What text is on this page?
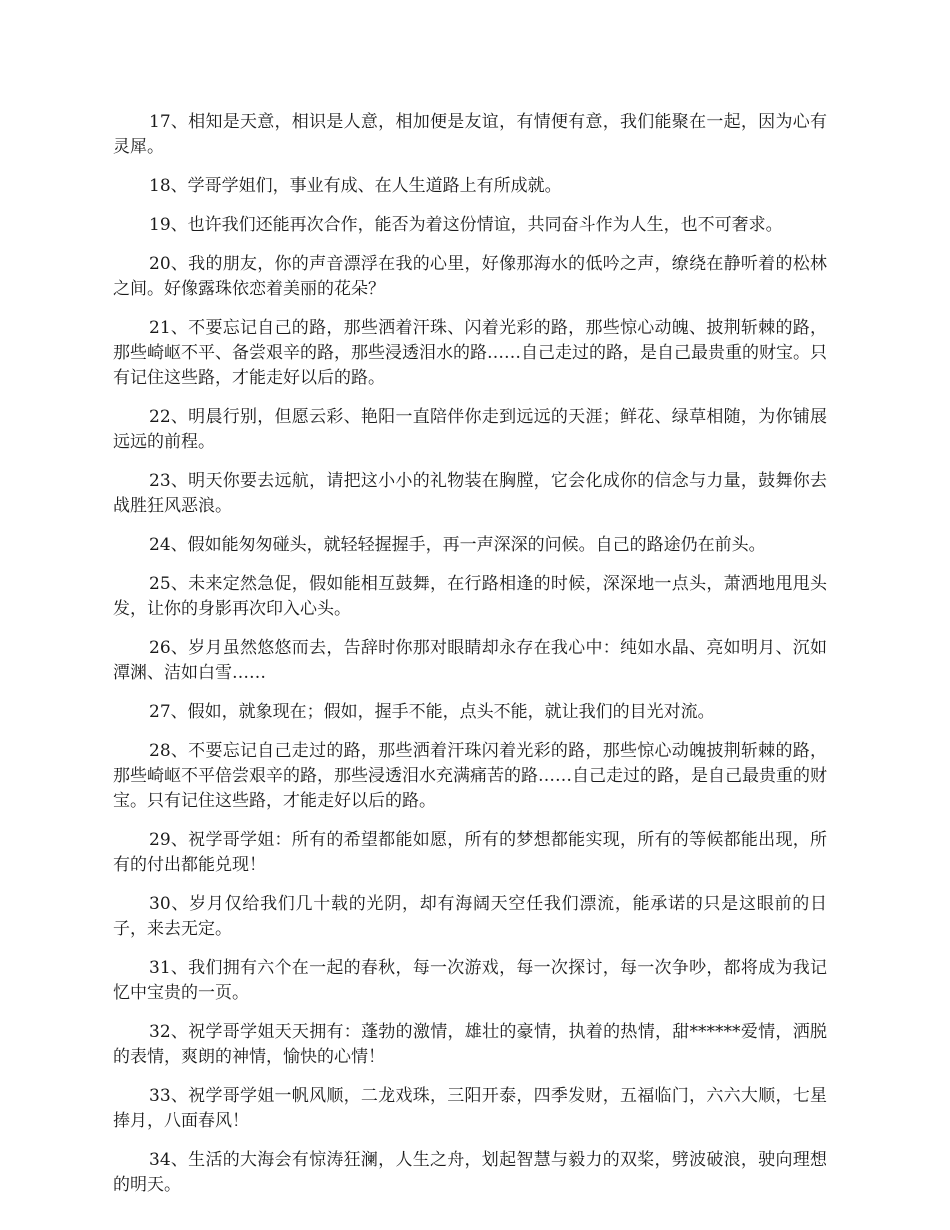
17、相知是天意，相识是人意，相加便是友谊，有情便有意，我们能聚在一起，因为心有灵犀。

18、学哥学姐们，事业有成、在人生道路上有所成就。

19、也许我们还能再次合作，能否为着这份情谊，共同奋斗作为人生，也不可奢求。

20、我的朋友，你的声音漂浮在我的心里，好像那海水的低吟之声，缭绕在静听着的松林之间。好像露珠依恋着美丽的花朵？

21、不要忘记自己的路，那些洒着汗珠、闪着光彩的路，那些惊心动魄、披荆斩棘的路，那些崎岖不平、备尝艰辛的路，那些浸透泪水的路……自己走过的路，是自己最贵重的财宝。只有记住这些路，才能走好以后的路。

22、明晨行别，但愿云彩、艳阳一直陪伴你走到远远的天涯；鲜花、绿草相随，为你铺展远远的前程。

23、明天你要去远航，请把这小小的礼物装在胸膛，它会化成你的信念与力量，鼓舞你去战胜狂风恶浪。

24、假如能匆匆碰头，就轻轻握握手，再一声深深的问候。自己的路途仍在前头。

25、未来定然急促，假如能相互鼓舞，在行路相逢的时候，深深地一点头，萧洒地甩甩头发，让你的身影再次印入心头。

26、岁月虽然悠悠而去，告辞时你那对眼睛却永存在我心中：纯如水晶、亮如明月、沉如潭渊、洁如白雪……

27、假如，就象现在；假如，握手不能，点头不能，就让我们的目光对流。

28、不要忘记自己走过的路，那些洒着汗珠闪着光彩的路，那些惊心动魄披荆斩棘的路，那些崎岖不平倍尝艰辛的路，那些浸透泪水充满痛苦的路……自己走过的路，是自己最贵重的财宝。只有记住这些路，才能走好以后的路。

29、祝学哥学姐：所有的希望都能如愿，所有的梦想都能实现，所有的等候都能出现，所有的付出都能兑现！

30、岁月仅给我们几十载的光阴，却有海阔天空任我们漂流，能承诺的只是这眼前的日子，来去无定。

31、我们拥有六个在一起的春秋，每一次游戏，每一次探讨，每一次争吵，都将成为我记忆中宝贵的一页。

32、祝学哥学姐天天拥有：蓬勃的激情，雄壮的豪情，执着的热情，甜******爱情，洒脱的表情，爽朗的神情，愉快的心情！

33、祝学哥学姐一帆风顺，二龙戏珠，三阳开泰，四季发财，五福临门，六六大顺，七星捧月，八面春风！

34、生活的大海会有惊涛狂澜，人生之舟，划起智慧与毅力的双桨，劈波破浪，驶向理想的明天。
